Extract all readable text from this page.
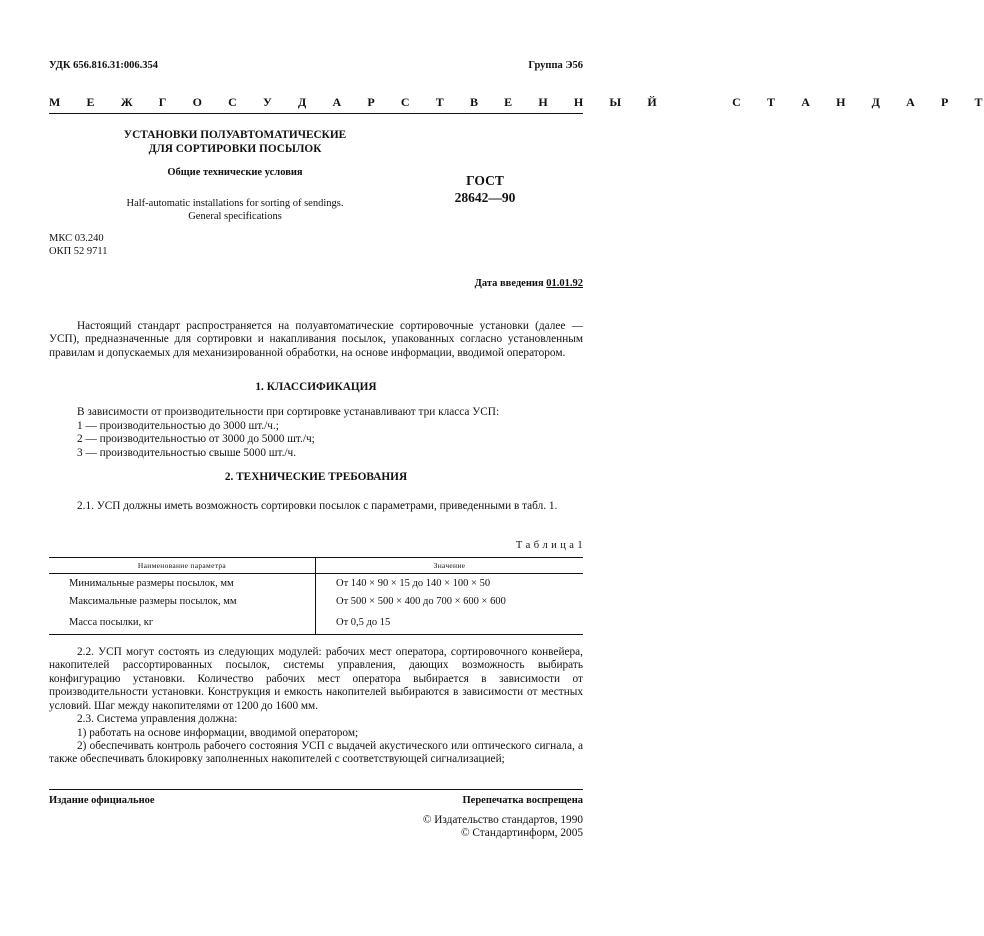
УДК 656.816.31:006.354	Группа Э56
М Е Ж Г О С У Д А Р С Т В Е Н Н Ы Й   С Т А Н Д А Р Т
УСТАНОВКИ ПОЛУАВТОМАТИЧЕСКИЕ
ДЛЯ СОРТИРОВКИ ПОСЫЛОК
Общие технические условия
Half-automatic installations for sorting of sendings.
General specifications
ГОСТ
28642—90
МКС 03.240
ОКП 52 9711
Дата введения 01.01.92
Настоящий стандарт распространяется на полуавтоматические сортировочные установки (далее — УСП), предназначенные для сортировки и накапливания посылок, упакованных согласно установленным правилам и допускаемых для механизированной обработки, на основе информации, вводимой оператором.
1. КЛАССИФИКАЦИЯ
В зависимости от производительности при сортировке устанавливают три класса УСП:
1 — производительностью до 3000 шт./ч.;
2 — производительностью от 3000 до 5000 шт./ч;
3 — производительностью свыше 5000 шт./ч.
2. ТЕХНИЧЕСКИЕ ТРЕБОВАНИЯ
2.1. УСП должны иметь возможность сортировки посылок с параметрами, приведенными в табл. 1.
Т а б л и ц а 1
Наименование параметра	Значение
Минимальные размеры посылок, мм	От 140 × 90 × 15 до 140 × 100 × 50
Максимальные размеры посылок, мм	От 500 × 500 × 400 до 700 × 600 × 600
Масса посылки, кг	От 0,5 до 15
2.2. УСП могут состоять из следующих модулей: рабочих мест оператора, сортировочного конвейера, накопителей рассортированных посылок, системы управления, дающих возможность выбирать конфигурацию установки. Количество рабочих мест оператора выбирается в зависимости от производительности установки. Конструкция и емкость накопителей выбираются в зависимости от местных условий. Шаг между накопителями от 1200 до 1600 мм.
2.3. Система управления должна:
1) работать на основе информации, вводимой оператором;
2) обеспечивать контроль рабочего состояния УСП с выдачей акустического или оптического сигнала, а также обеспечивать блокировку заполненных накопителей с соответствующей сигнализацией;
Издание официальное	Перепечатка воспрещена
© Издательство стандартов, 1990
© Стандартинформ, 2005
